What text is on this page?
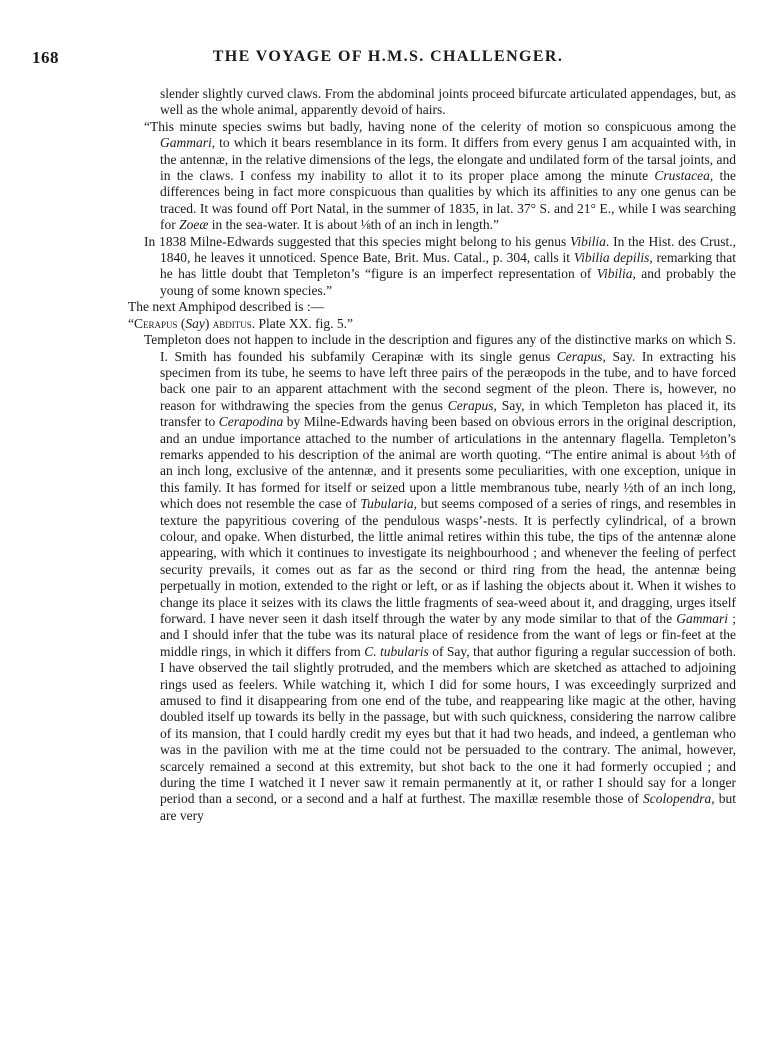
168	THE VOYAGE OF H.M.S. CHALLENGER.

slender slightly curved claws. From the abdominal joints proceed bifurcate articulated appendages, but, as well as the whole animal, apparently devoid of hairs.

“This minute species swims but badly, having none of the celerity of motion so conspicuous among the Gammari, to which it bears resemblance in its form. It differs from every genus I am acquainted with, in the antennæ, in the relative dimensions of the legs, the elongate and undilated form of the tarsal joints, and in the claws. I confess my inability to allot it to its proper place among the minute Crustacea, the differences being in fact more conspicuous than qualities by which its affinities to any one genus can be traced. It was found off Port Natal, in the summer of 1835, in lat. 37° S. and 21° E., while I was searching for Zoeæ in the sea-water. It is about ⅛th of an inch in length.”

In 1838 Milne-Edwards suggested that this species might belong to his genus Vibilia. In the Hist. des Crust., 1840, he leaves it unnoticed. Spence Bate, Brit. Mus. Catal., p. 304, calls it Vibilia depilis, remarking that he has little doubt that Templeton’s “figure is an imperfect representation of Vibilia, and probably the young of some known species.”

The next Amphipod described is :—

“Cerapus (Say) abditus. Plate XX. fig. 5.”

Templeton does not happen to include in the description and figures any of the distinctive marks on which S. I. Smith has founded his subfamily Cerapinæ with its single genus Cerapus, Say. In extracting his specimen from its tube, he seems to have left three pairs of the peræopods in the tube, and to have forced back one pair to an apparent attachment with the second segment of the pleon. There is, however, no reason for withdrawing the species from the genus Cerapus, Say, in which Templeton has placed it, its transfer to Cerapodina by Milne-Edwards having been based on obvious errors in the original description, and an undue importance attached to the number of articulations in the antennary flagella. Templeton’s remarks appended to his description of the animal are worth quoting. “The entire animal is about ⅓th of an inch long, exclusive of the antennæ, and it presents some peculiarities, with one exception, unique in this family. It has formed for itself or seized upon a little membranous tube, nearly ½th of an inch long, which does not resemble the case of Tubularia, but seems composed of a series of rings, and resembles in texture the papyritious covering of the pendulous wasps’-nests. It is perfectly cylindrical, of a brown colour, and opake. When disturbed, the little animal retires within this tube, the tips of the antennæ alone appearing, with which it continues to investigate its neighbourhood ; and whenever the feeling of perfect security prevails, it comes out as far as the second or third ring from the head, the antennæ being perpetually in motion, extended to the right or left, or as if lashing the objects about it. When it wishes to change its place it seizes with its claws the little fragments of sea-weed about it, and dragging, urges itself forward. I have never seen it dash itself through the water by any mode similar to that of the Gammari ; and I should infer that the tube was its natural place of residence from the want of legs or fin-feet at the middle rings, in which it differs from C. tubularis of Say, that author figuring a regular succession of both. I have observed the tail slightly protruded, and the members which are sketched as attached to adjoining rings used as feelers. While watching it, which I did for some hours, I was exceedingly surprized and amused to find it disappearing from one end of the tube, and reappearing like magic at the other, having doubled itself up towards its belly in the passage, but with such quickness, considering the narrow calibre of its mansion, that I could hardly credit my eyes but that it had two heads, and indeed, a gentleman who was in the pavilion with me at the time could not be persuaded to the contrary. The animal, however, scarcely remained a second at this extremity, but shot back to the one it had formerly occupied ; and during the time I watched it I never saw it remain permanently at it, or rather I should say for a longer period than a second, or a second and a half at furthest. The maxillæ resemble those of Scolopendra, but are very
